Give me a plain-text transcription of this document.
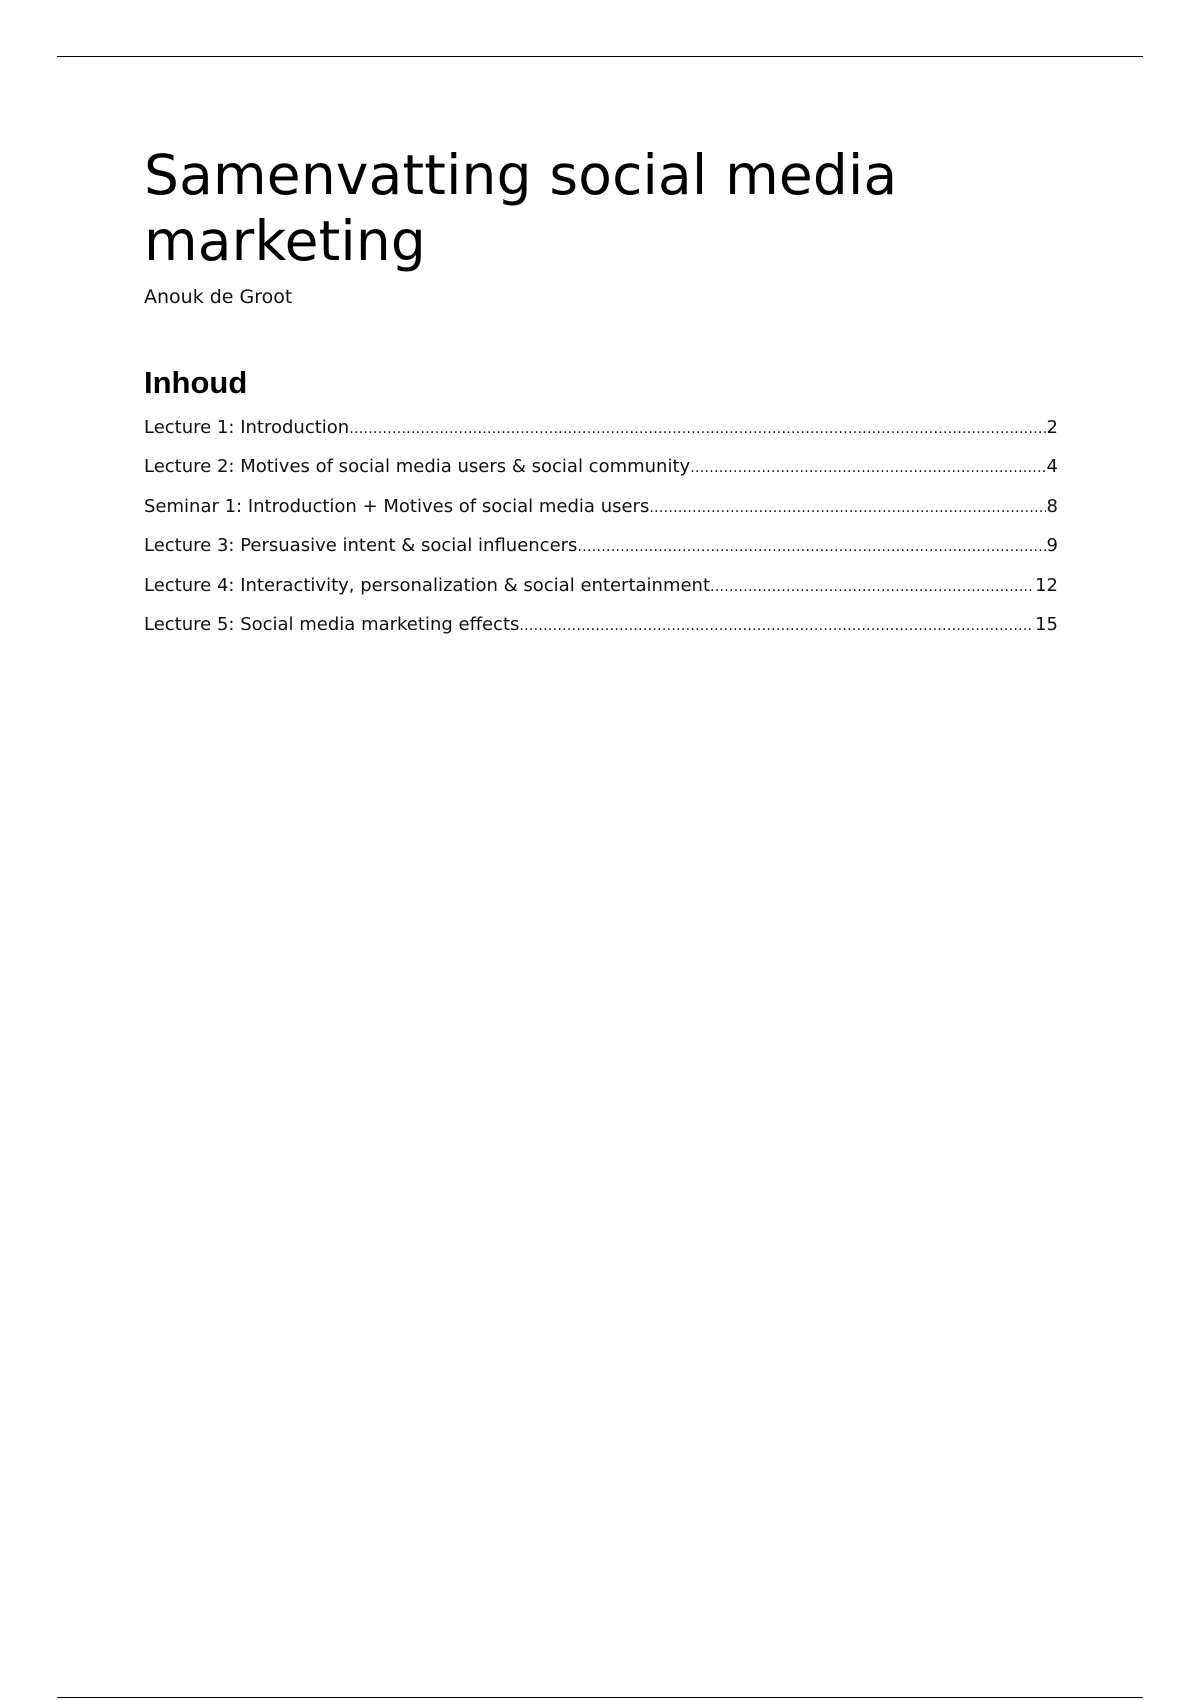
Samenvatting social media marketing

Anouk de Groot

Inhoud
Lecture 1: Introduction .....	2
Lecture 2: Motives of social media users & social community .....	4
Seminar 1: Introduction + Motives of social media users .....	8
Lecture 3: Persuasive intent & social influencers .....	9
Lecture 4: Interactivity, personalization & social entertainment .....	12
Lecture 5: Social media marketing effects .....	15
